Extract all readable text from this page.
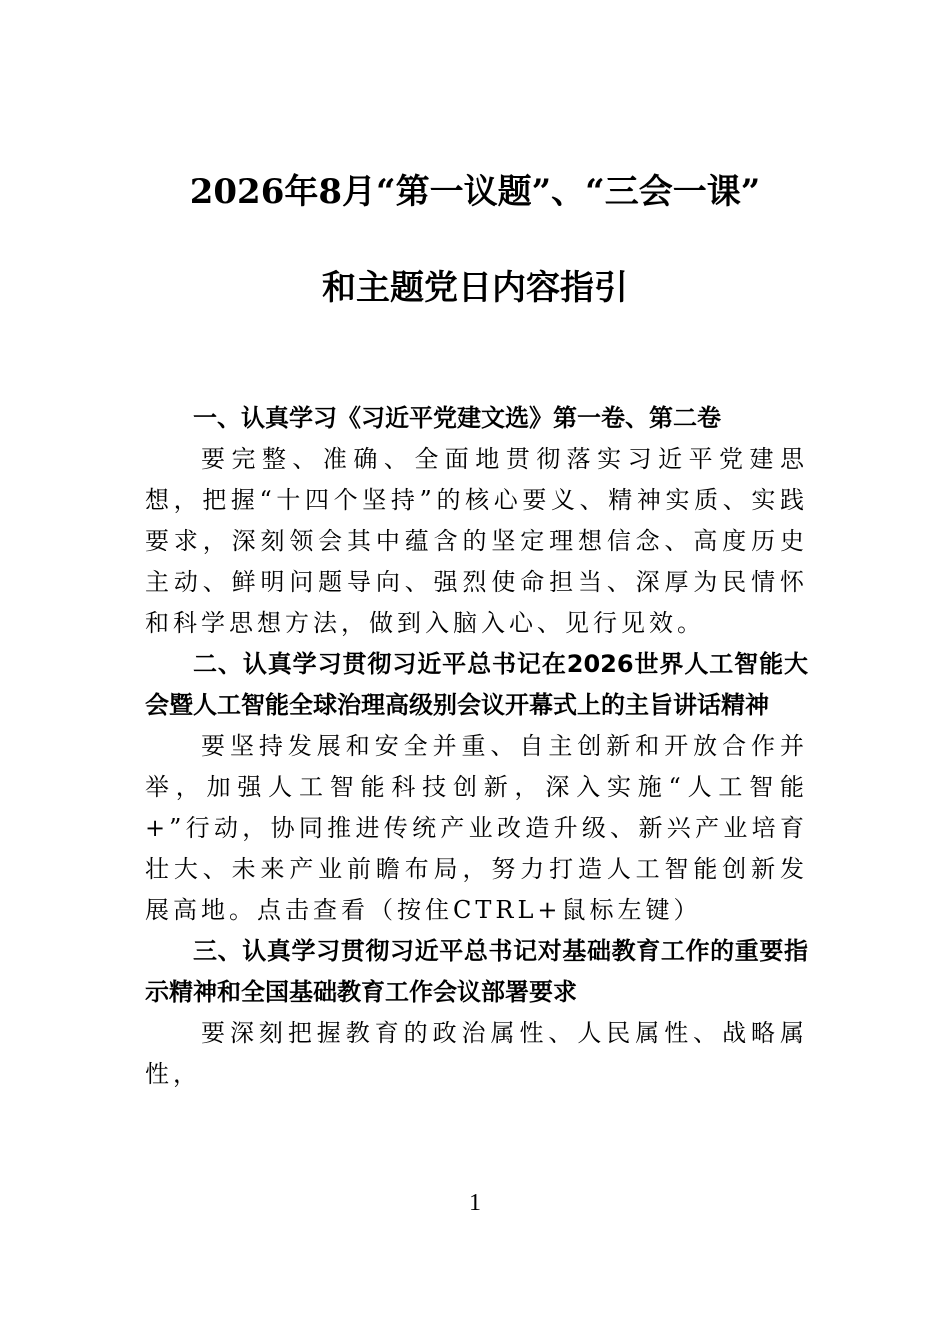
2026年8月“第一议题”、“三会一课”
和主题党日内容指引

一、认真学习《习近平党建文选》第一卷、第二卷

要完整、准确、全面地贯彻落实习近平党建思想，把握“十四个坚持”的核心要义、精神实质、实践要求，深刻领会其中蕴含的坚定理想信念、高度历史主动、鲜明问题导向、强烈使命担当、深厚为民情怀和科学思想方法，做到入脑入心、见行见效。

二、认真学习贯彻习近平总书记在2026世界人工智能大会暨人工智能全球治理高级别会议开幕式上的主旨讲话精神

要坚持发展和安全并重、自主创新和开放合作并举，加强人工智能科技创新，深入实施“人工智能+”行动，协同推进传统产业改造升级、新兴产业培育壮大、未来产业前瞻布局，努力打造人工智能创新发展高地。点击查看（按住CTRL+鼠标左键）

三、认真学习贯彻习近平总书记对基础教育工作的重要指示精神和全国基础教育工作会议部署要求

要深刻把握教育的政治属性、人民属性、战略属性，

1
